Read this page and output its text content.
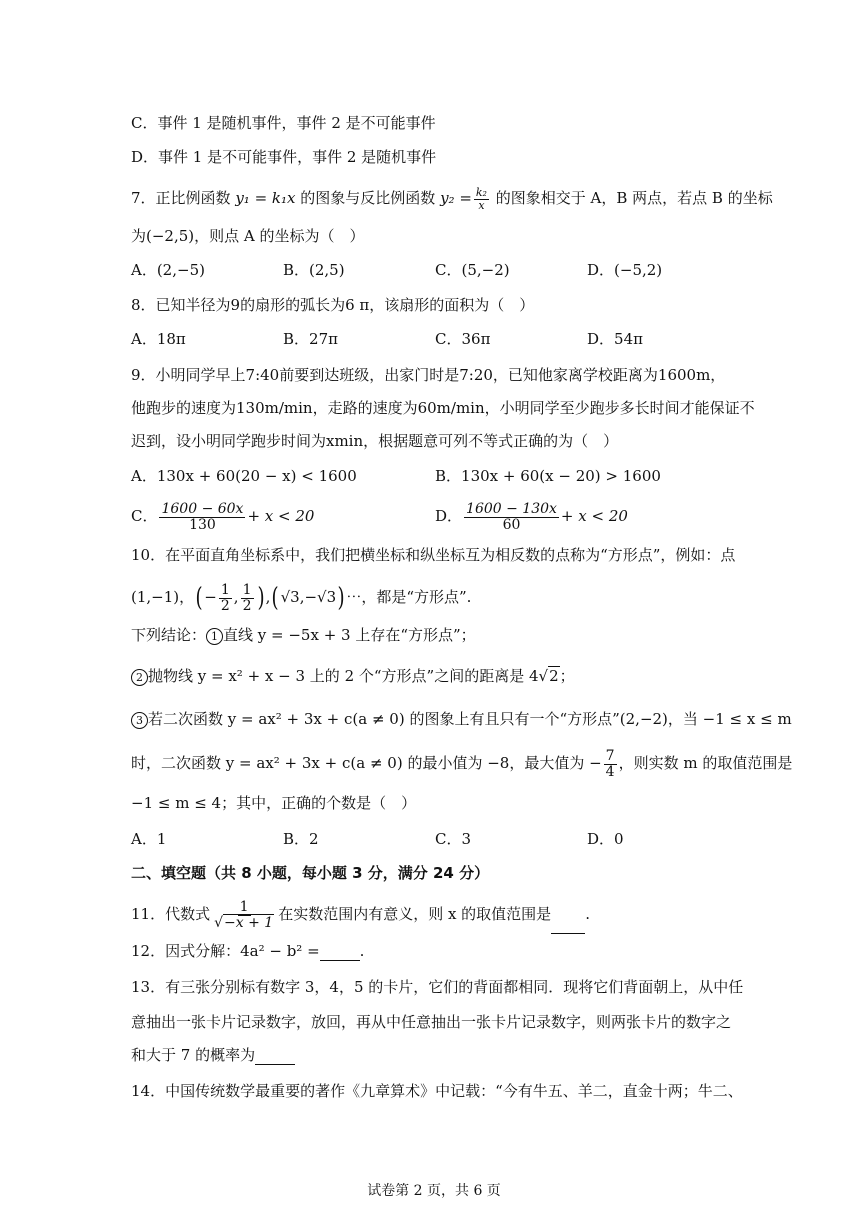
C．事件 1 是随机事件，事件 2 是不可能事件
D．事件 1 是不可能事件，事件 2 是随机事件
7．正比例函数 y₁ = k₁x 的图象与反比例函数 $y_2 = \frac{\text{k₂}}{x}$ 的图象相交于 A，B 两点，若点 B 的坐标
为(−2,5)，则点 A 的坐标为（　）
A．(2,−5)	B．(2,5)	C．(5,−2)	D．(−5,2)
8．已知半径为9的扇形的弧长为6 π，该扇形的面积为（　）
A．18π	B．27π	C．36π	D．54π
9．小明同学早上7:40前要到达班级，出家门时是7:20，已知他家离学校距离为1600m，
他跑步的速度为130m/min，走路的速度为60m/min，小明同学至少跑步多长时间才能保证不
迟到，设小明同学跑步时间为xmin，根据题意可列不等式正确的为（　）
A．130x + 60(20 − x) < 1600	B．130x + 60(x − 20) > 1600
C． $\frac{1600 - 60x}{130} + x < 20$	D． $\frac{1600 - 130x}{60} + x < 20$
10．在平面直角坐标系中，我们把横坐标和纵坐标互为相反数的点称为“方形点”，例如：点
(1,−1)，( − $\frac{1}{2}$ , $\frac{1}{2}$ ) ,( √3,−√3) ⋯，都是“方形点”.
下列结论： 1 直线 y = −5x + 3 上存在“方形点”；
2 抛物线 y = x² + x − 3 上的 2 个“方形点”之间的距离是 4√2；
3 若二次函数 y = ax² + 3x + c(a ≠ 0) 的图象上有且只有一个“方形点”(2,−2)，当 −1 ≤ x ≤ m
时，二次函数 y = ax² + 3x + c(a ≠ 0) 的最小值为 −8，最大值为 − $\frac{7}{4}$ ，则实数 m 的取值范围是
−1 ≤ m ≤ 4；其中，正确的个数是（　）
A．1	B．2	C．3	D．0
二、填空题（共 8 小题，每小题 3 分，满分 24 分）
11．代数式 $\frac{1}{√-x + 1}$ 在实数范围内有意义，则 x 的取值范围是 .
12．因式分解：4a² − b² =	.
13．有三张分别标有数字 3，4，5 的卡片，它们的背面都相同．现将它们背面朝上，从中任
意抽出一张卡片记录数字，放回，再从中任意抽出一张卡片记录数字，则两张卡片的数字之
和大于 7 的概率为
14．中国传统数学最重要的著作《九章算术》中记载：“今有牛五、羊二，直金十两；牛二、
试卷第 2 页，共 6 页
